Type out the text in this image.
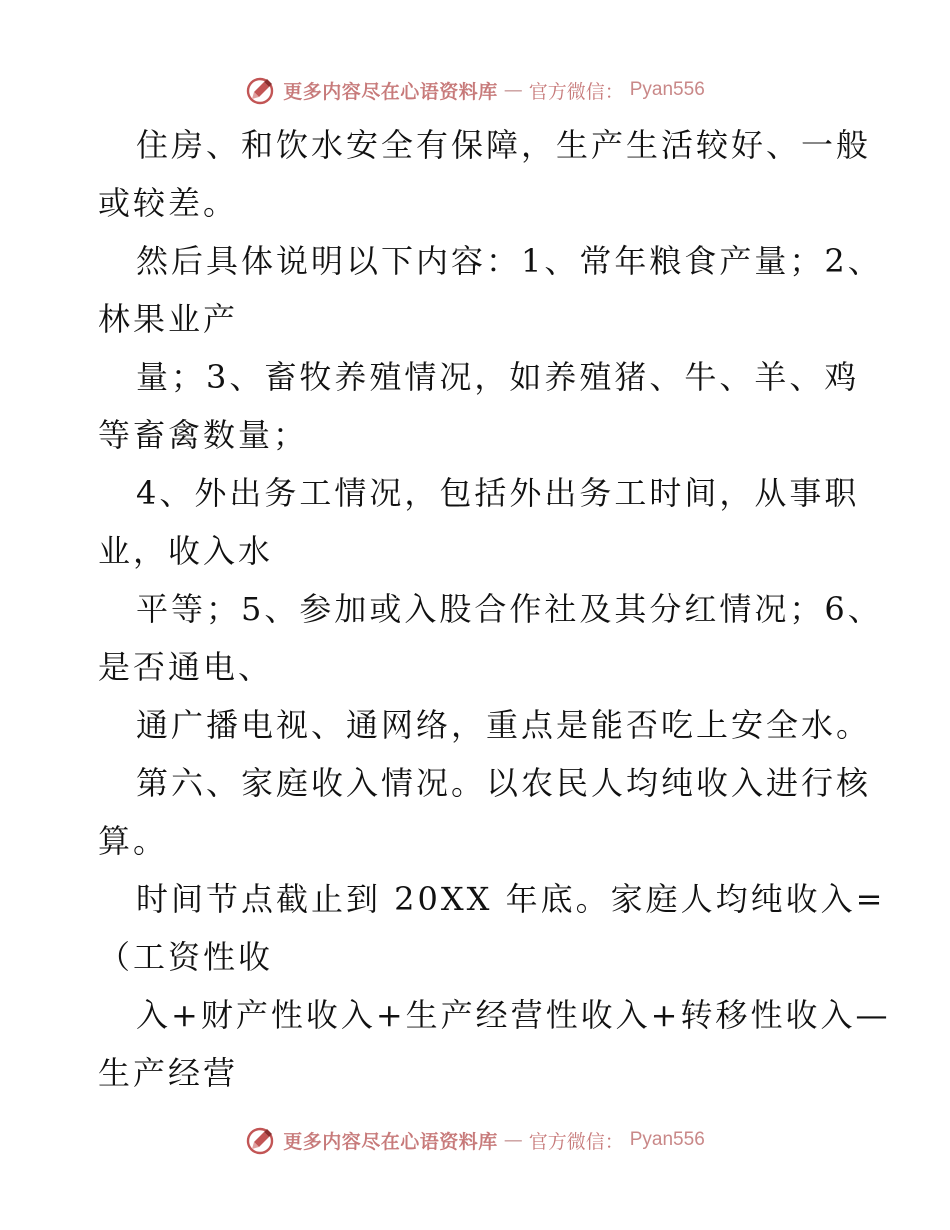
更多内容尽在心语资料库 — 官方微信： Pyan556
住房、和饮水安全有保障，生产生活较好、一般
或较差。
然后具体说明以下内容：1、常年粮食产量；2、
林果业产
量；3、畜牧养殖情况，如养殖猪、牛、羊、鸡
等畜禽数量；
4、外出务工情况，包括外出务工时间，从事职
业，收入水
平等；5、参加或入股合作社及其分红情况；6、
是否通电、
通广播电视、通网络，重点是能否吃上安全水。
第六、家庭收入情况。以农民人均纯收入进行核
算。
时间节点截止到 20XX 年底。家庭人均纯收入=
（工资性收
入+财产性收入+生产经营性收入+转移性收入—
生产经营
更多内容尽在心语资料库 — 官方微信： Pyan556
